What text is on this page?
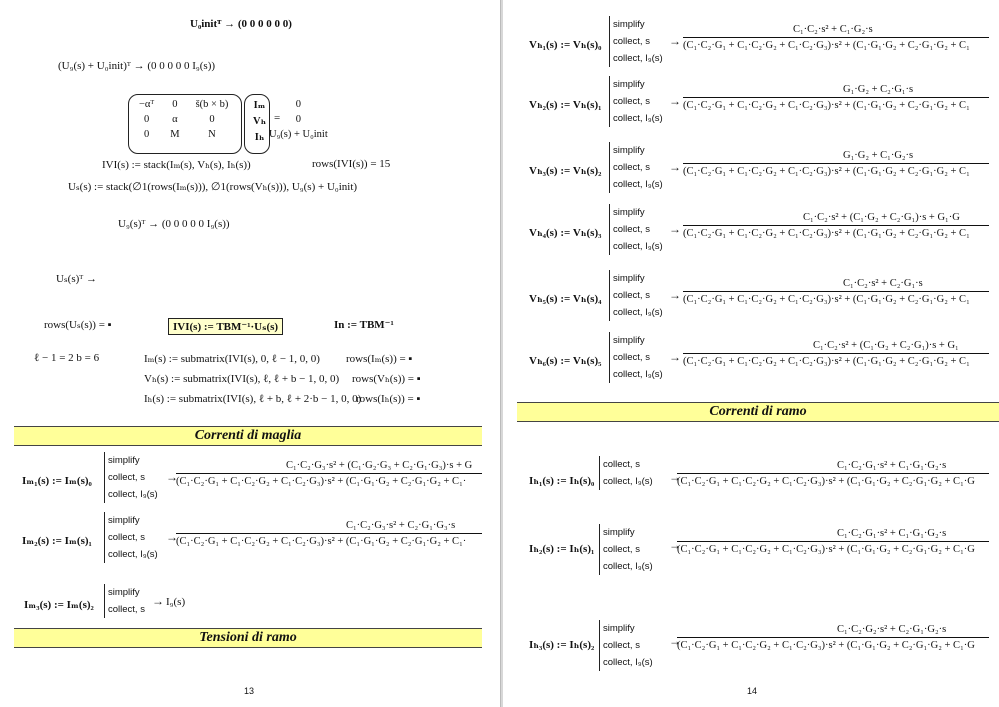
U₀initᵀ → (0 0 0 0 0 0)
(U₉(s) + U₀init)ᵀ → (0 0 0 0 0 I₉(s))
−αᵀ	0	š(b × b)
0	α	0
0	M	N
Iₘ
Vₕ
Iₕ
=
0
0
U₉(s) + U₀init
IVI(s) := stack(Iₘ(s), Vₕ(s), Iₕ(s))	rows(IVI(s)) = 15
Uₛ(s) := stack(∅1(rows(Iₘ(s))), ∅1(rows(Vₕ(s))), U₉(s) + U₀init)
U₉(s)ᵀ → (0 0 0 0 0 I₉(s))
Uₛ(s)ᵀ →
rows(Uₛ(s)) = ▪	IVI(s) := TBM⁻¹·Uₛ(s)	In := TBM⁻¹
ℓ − 1 = 2 b = 6	Iₘ(s) := submatrix(IVI(s), 0, ℓ − 1, 0, 0) rows(Iₘ(s)) = ▪
Vₕ(s) := submatrix(IVI(s), ℓ, ℓ + b − 1, 0, 0) rows(Vₕ(s)) = ▪
Iₕ(s) := submatrix(IVI(s), ℓ + b, ℓ + 2·b − 1, 0, 0)
rows(Iₕ(s)) = ▪
Correnti di maglia
Iₘ₁(s) := Iₘ(s)₀
simplify
collect, s
collect, I₉(s)
→
C₁·C₂·G₃·s² + (C₁·G₂·G₃ + C₂·G₁·G₃)·s + G
(C₁·C₂·G₁ + C₁·C₂·G₂ + C₁·C₂·G₃)·s² + (C₁·G₁·G₂ + C₂·G₁·G₂ + C₁·
Iₘ₂(s) := Iₘ(s)₁
simplify
collect, s
collect, I₉(s)
→
C₁·C₂·G₃·s² + C₂·G₁·G₃·s
(C₁·C₂·G₁ + C₁·C₂·G₂ + C₁·C₂·G₃)·s² + (C₁·G₁·G₂ + C₂·G₁·G₂ + C₁·
Iₘ₃(s) := Iₘ(s)₂
simplify
collect, s
→ I₉(s)
Tensioni di ramo
13
Vₕ₁(s) := Vₕ(s)₀
simplify
collect, s
collect, I₉(s)
→
C₁·C₂·s² + C₁·G₂·s
(C₁·C₂·G₁ + C₁·C₂·G₂ + C₁·C₂·G₃)·s² + (C₁·G₁·G₂ + C₂·G₁·G₂ + C₁
Vₕ₂(s) := Vₕ(s)₁
simplify
collect, s
collect, I₉(s)
→
G₁·G₂ + C₂·G₁·s
(C₁·C₂·G₁ + C₁·C₂·G₂ + C₁·C₂·G₃)·s² + (C₁·G₁·G₂ + C₂·G₁·G₂ + C₁
Vₕ₃(s) := Vₕ(s)₂
simplify
collect, s
collect, I₉(s)
→
G₁·G₂ + C₁·G₂·s
(C₁·C₂·G₁ + C₁·C₂·G₂ + C₁·C₂·G₃)·s² + (C₁·G₁·G₂ + C₂·G₁·G₂ + C₁
Vₕ₄(s) := Vₕ(s)₃
simplify
collect, s
collect, I₉(s)
→
C₁·C₂·s² + (C₁·G₂ + C₂·G₁)·s + G₁·G
(C₁·C₂·G₁ + C₁·C₂·G₂ + C₁·C₂·G₃)·s² + (C₁·G₁·G₂ + C₂·G₁·G₂ + C₁
Vₕ₅(s) := Vₕ(s)₄
simplify
collect, s
collect, I₉(s)
→
C₁·C₂·s² + C₂·G₁·s
(C₁·C₂·G₁ + C₁·C₂·G₂ + C₁·C₂·G₃)·s² + (C₁·G₁·G₂ + C₂·G₁·G₂ + C₁
Vₕ₆(s) := Vₕ(s)₅
simplify
collect, s
collect, I₉(s)
→
C₁·C₂·s² + (C₁·G₂ + C₂·G₁)·s + G₁
(C₁·C₂·G₁ + C₁·C₂·G₂ + C₁·C₂·G₃)·s² + (C₁·G₁·G₂ + C₂·G₁·G₂ + C₁
Correnti di ramo
Iₕ₁(s) := Iₕ(s)₀
collect, s
collect, I₉(s) →
C₁·C₂·G₁·s² + C₁·G₁·G₂·s
(C₁·C₂·G₁ + C₁·C₂·G₂ + C₁·C₂·G₃)·s² + (C₁·G₁·G₂ + C₂·G₁·G₂ + C₁·G
Iₕ₂(s) := Iₕ(s)₁
simplify
collect, s
collect, I₉(s)
→
C₁·C₂·G₁·s² + C₁·G₁·G₂·s
(C₁·C₂·G₁ + C₁·C₂·G₂ + C₁·C₂·G₃)·s² + (C₁·G₁·G₂ + C₂·G₁·G₂ + C₁·G
Iₕ₃(s) := Iₕ(s)₂
simplify
collect, s
collect, I₉(s)
→
C₁·C₂·G₂·s² + C₂·G₁·G₂·s
(C₁·C₂·G₁ + C₁·C₂·G₂ + C₁·C₂·G₃)·s² + (C₁·G₁·G₂ + C₂·G₁·G₂ + C₁·G
14
